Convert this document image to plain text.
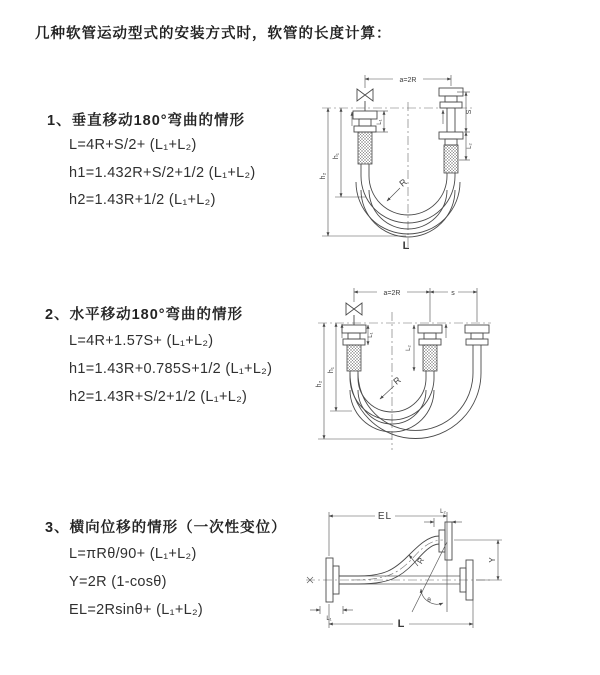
几种软管运动型式的安装方式时，软管的长度计算：
1、垂直移动180°弯曲的情形
L=4R+S/2+ (L₁+L₂)
h1=1.432R+S/2+1/2 (L₁+L₂)
h2=1.43R+1/2 (L₁+L₂)
a=2R
h₁
h₂
L₁
S
L₂
R
L
2、水平移动180°弯曲的情形
L=4R+1.57S+ (L₁+L₂)
h1=1.43R+0.785S+1/2 (L₁+L₂)
h2=1.43R+S/2+1/2 (L₁+L₂)
a=2R	s
h₁
h₂
L₁
L₂
R
3、横向位移的情形（一次性变位）
L=πRθ/90+ (L₁+L₂)
Y=2R (1-cosθ)
EL=2Rsinθ+ (L₁+L₂)
θ
EL	L₂
Y
L
L₁
R
